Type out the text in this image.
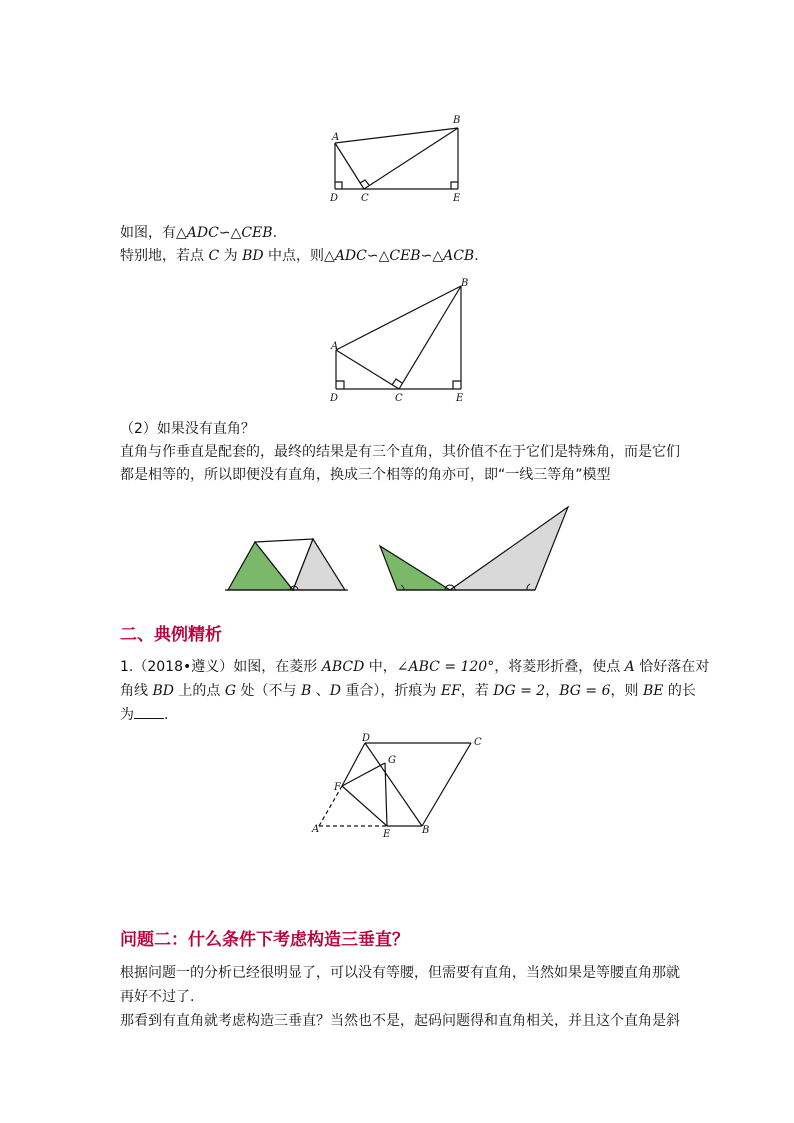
A
B
C
D	E

如图，有△ADC∽△CEB.

特别地，若点 C 为 BD 中点，则△ADC∽△CEB∽△ACB.

A
B
C
D	E

（2）如果没有直角？

直角与作垂直是配套的，最终的结果是有三个直角，其价值不在于它们是特殊角，而是它们

都是相等的，所以即便没有直角，换成三个相等的角亦可，即“一线三等角”模型

二、典例精析

1.（2018•遵义）如图，在菱形 ABCD 中，∠ABC = 120°，将菱形折叠，使点 A 恰好落在对

角线 BD 上的点 G 处（不与 B 、D 重合），折痕为 EF，若 DG = 2，BG = 6，则 BE 的长

为 .

D	C
G
F
A	E	B
问题二：什么条件下考虑构造三垂直？

根据问题一的分析已经很明显了，可以没有等腰，但需要有直角，当然如果是等腰直角那就

再好不过了.

那看到有直角就考虑构造三垂直？当然也不是，起码问题得和直角相关，并且这个直角是斜
